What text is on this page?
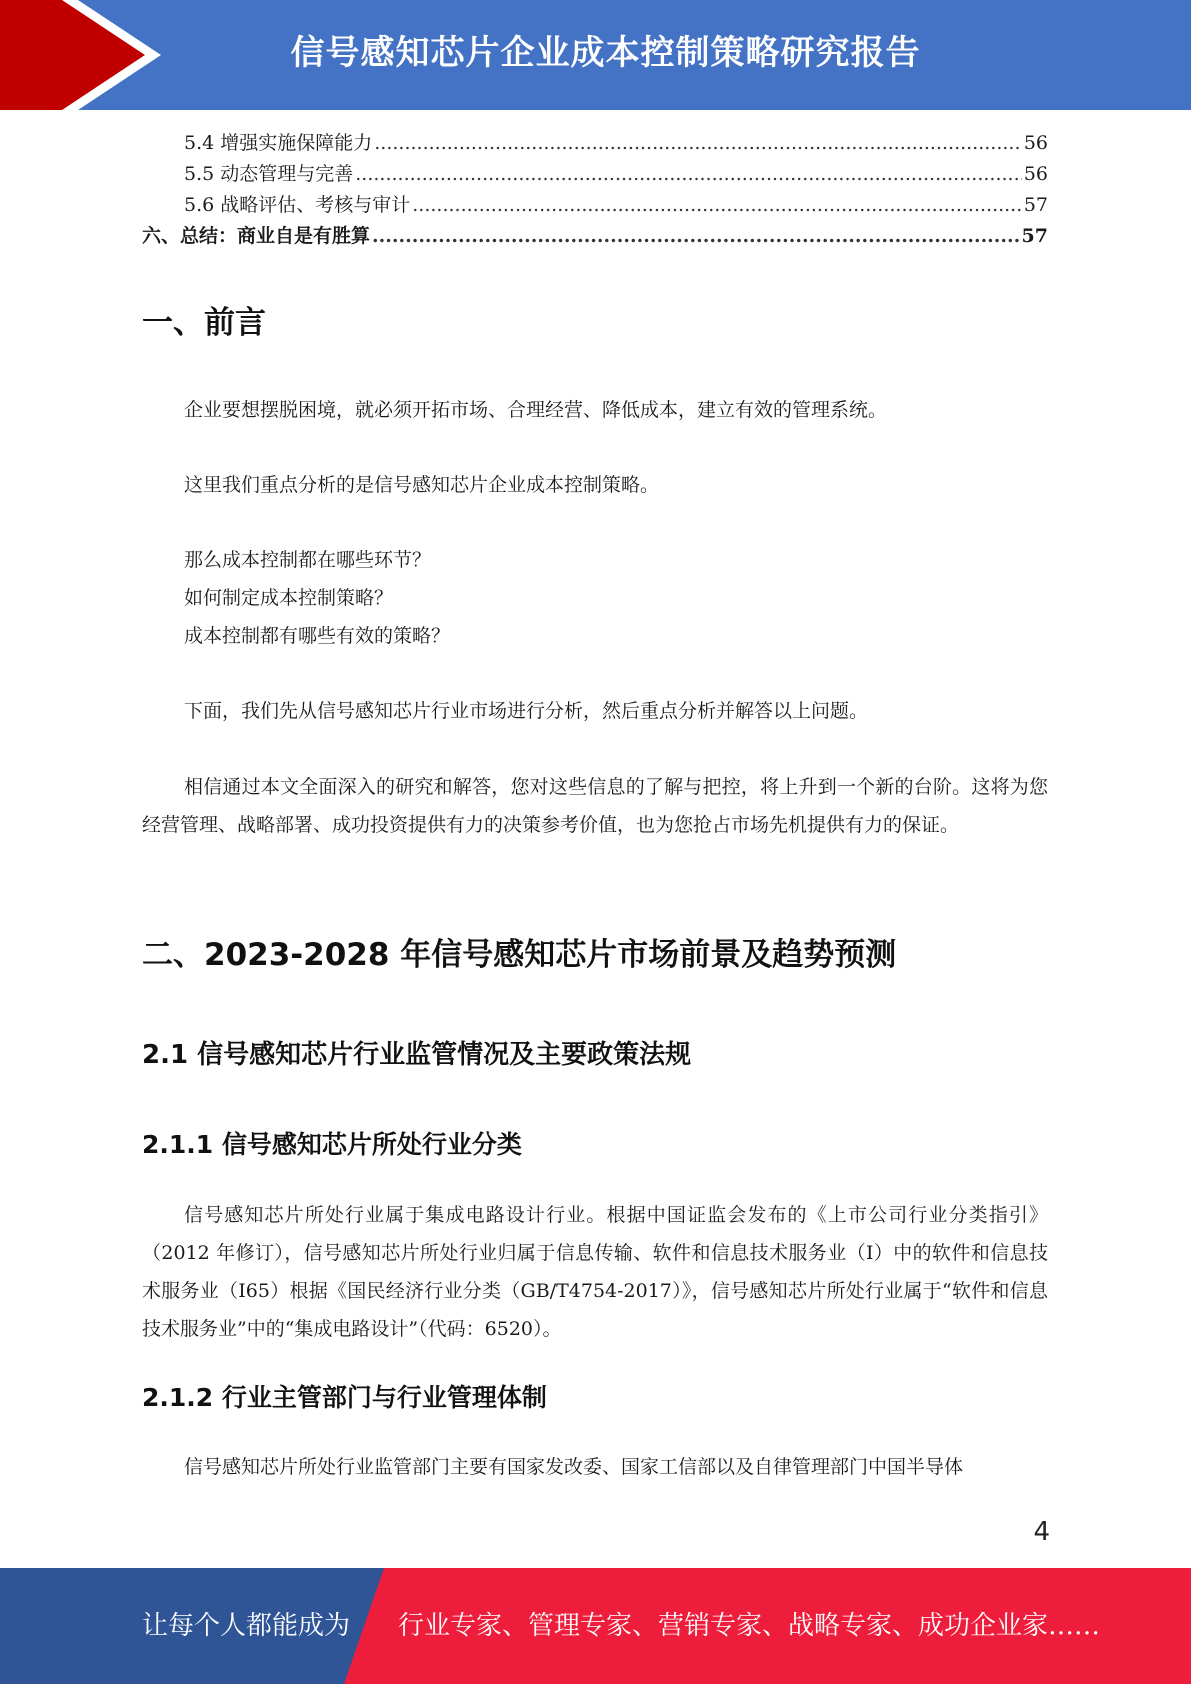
信号感知芯片企业成本控制策略研究报告
5.4 增强实施保障能力 .....	56
5.5 动态管理与完善 .....	56
5.6 战略评估、考核与审计 .....	57
六、总结：商业自是有胜算 .....	57
一、前言

企业要想摆脱困境，就必须开拓市场、合理经营、降低成本，建立有效的管理系统。

这里我们重点分析的是信号感知芯片企业成本控制策略。

那么成本控制都在哪些环节？

如何制定成本控制策略？

成本控制都有哪些有效的策略？

下面，我们先从信号感知芯片行业市场进行分析，然后重点分析并解答以上问题。

相信通过本文全面深入的研究和解答，您对这些信息的了解与把控，将上升到一个新的台阶。这将为您经营管理、战略部署、成功投资提供有力的决策参考价值，也为您抢占市场先机提供有力的保证。

二、2023-2028 年信号感知芯片市场前景及趋势预测
2.1 信号感知芯片行业监管情况及主要政策法规
2.1.1 信号感知芯片所处行业分类

信号感知芯片所处行业属于集成电路设计行业。根据中国证监会发布的《上市公司行业分类指引》（2012 年修订），信号感知芯片所处行业归属于信息传输、软件和信息技术服务业（I）中的软件和信息技术服务业（I65）根据《国民经济行业分类（GB/T4754-2017）》，信号感知芯片所处行业属于“软件和信息技术服务业”中的“集成电路设计”（代码：6520）。

2.1.2 行业主管部门与行业管理体制

信号感知芯片所处行业监管部门主要有国家发改委、国家工信部以及自律管理部门中国半导体

4
让每个人都能成为 行业专家、管理专家、营销专家、战略专家、成功企业家……
